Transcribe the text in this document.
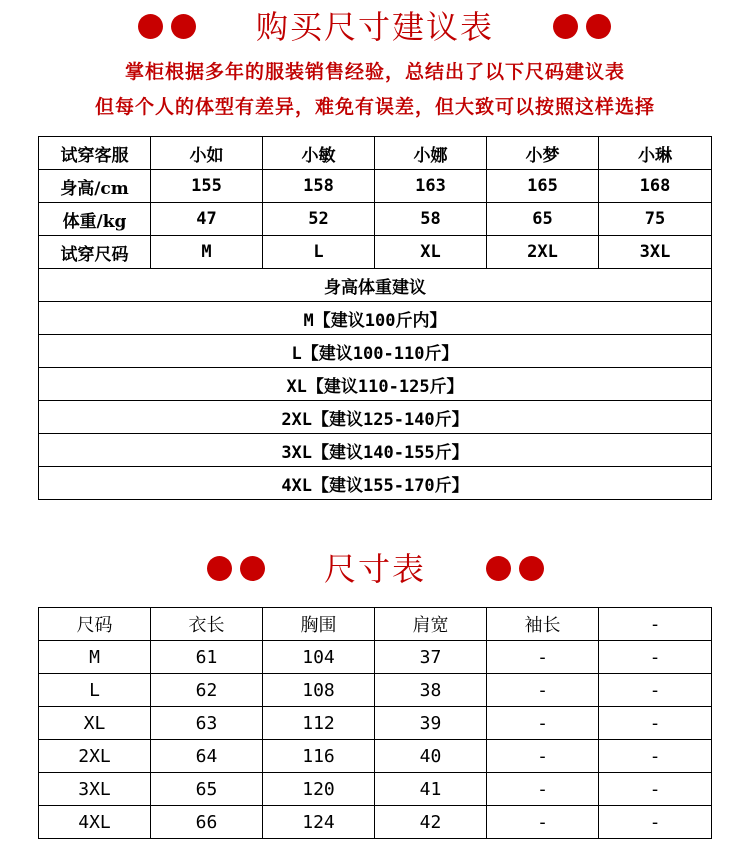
购买尺寸建议表
掌柜根据多年的服装销售经验，总结出了以下尺码建议表
但每个人的体型有差异，难免有误差，但大致可以按照这样选择
试穿客服	小如	小敏	小娜	小梦	小琳
身高/cm	155	158	163	165	168
体重/kg	47	52	58	65	75
试穿尺码	M	L	XL	2XL	3XL
身高体重建议					
M【建议100斤内】					
L【建议100-110斤】					
XL【建议110-125斤】					
2XL【建议125-140斤】					
3XL【建议140-155斤】					
4XL【建议155-170斤】					
尺寸表
尺码	衣长	胸围	肩宽	袖长	-
M	61	104	37	-	-
L	62	108	38	-	-
XL	63	112	39	-	-
2XL	64	116	40	-	-
3XL	65	120	41	-	-
4XL	66	124	42	-	-
